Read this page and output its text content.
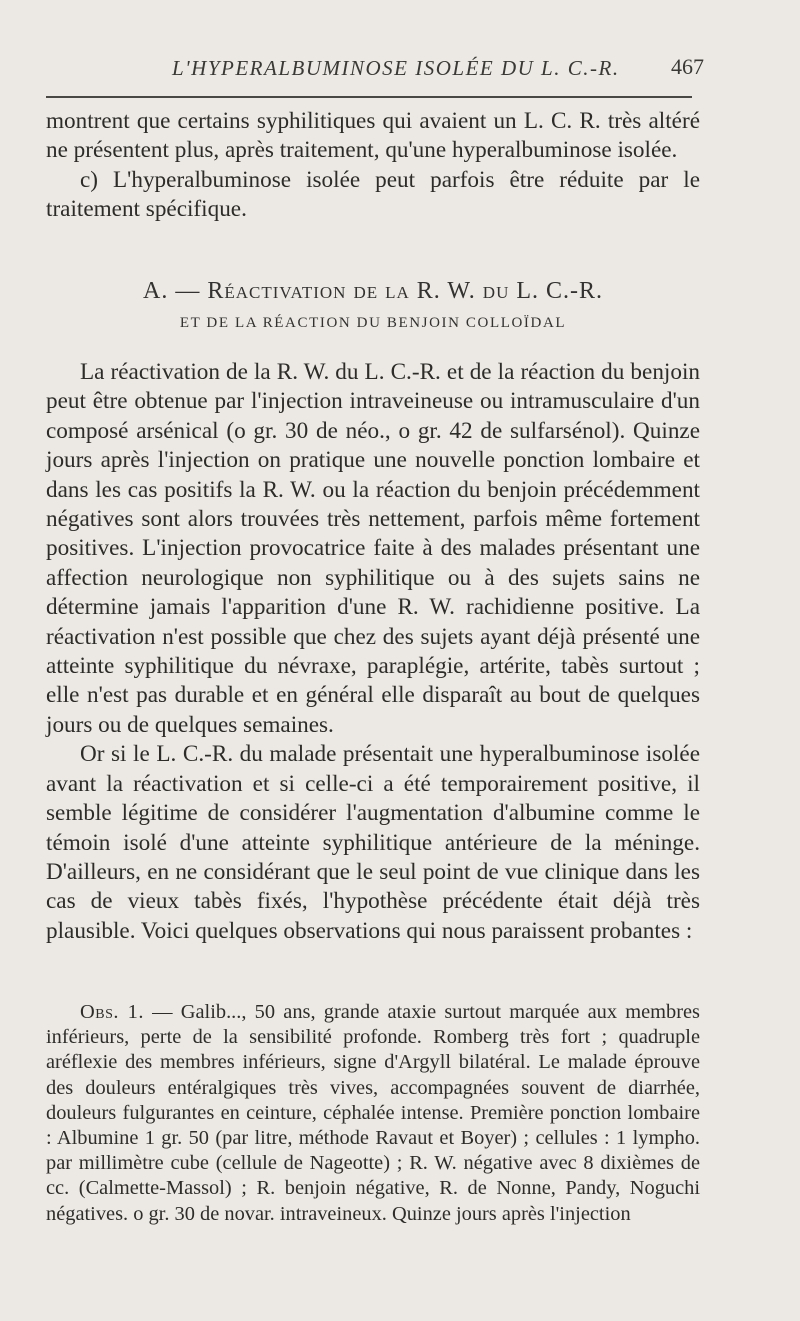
L'HYPERALBUMINOSE ISOLÉE DU L. C.-R. 467

montrent que certains syphilitiques qui avaient un L. C. R. très altéré ne présentent plus, après traitement, qu'une hyperalbuminose isolée.

c) L'hyperalbuminose isolée peut parfois être réduite par le traitement spécifique.

A. — Réactivation de la R. W. du L. C.-R.
ET DE LA RÉACTION DU BENJOIN COLLOÏDAL

La réactivation de la R. W. du L. C.-R. et de la réaction du benjoin peut être obtenue par l'injection intraveineuse ou intramusculaire d'un composé arsénical (o gr. 30 de néo., o gr. 42 de sulfarsénol). Quinze jours après l'injection on pratique une nouvelle ponction lombaire et dans les cas positifs la R. W. ou la réaction du benjoin précédemment négatives sont alors trouvées très nettement, parfois même fortement positives. L'injection provocatrice faite à des malades présentant une affection neurologique non syphilitique ou à des sujets sains ne détermine jamais l'apparition d'une R. W. rachidienne positive. La réactivation n'est possible que chez des sujets ayant déjà présenté une atteinte syphilitique du névraxe, paraplégie, artérite, tabès surtout ; elle n'est pas durable et en général elle disparaît au bout de quelques jours ou de quelques semaines.

Or si le L. C.-R. du malade présentait une hyperalbuminose isolée avant la réactivation et si celle-ci a été temporairement positive, il semble légitime de considérer l'augmentation d'albumine comme le témoin isolé d'une atteinte syphilitique antérieure de la méninge. D'ailleurs, en ne considérant que le seul point de vue clinique dans les cas de vieux tabès fixés, l'hypothèse précédente était déjà très plausible. Voici quelques observations qui nous paraissent probantes :

Obs. 1. — Galib..., 50 ans, grande ataxie surtout marquée aux membres inférieurs, perte de la sensibilité profonde. Romberg très fort ; quadruple aréflexie des membres inférieurs, signe d'Argyll bilatéral. Le malade éprouve des douleurs entéralgiques très vives, accompagnées souvent de diarrhée, douleurs fulgurantes en ceinture, céphalée intense. Première ponction lombaire : Albumine 1 gr. 50 (par litre, méthode Ravaut et Boyer) ; cellules : 1 lympho. par millimètre cube (cellule de Nageotte) ; R. W. négative avec 8 dixièmes de cc. (Calmette-Massol) ; R. benjoin négative, R. de Nonne, Pandy, Noguchi négatives. o gr. 30 de novar. intraveineux. Quinze jours après l'injection
